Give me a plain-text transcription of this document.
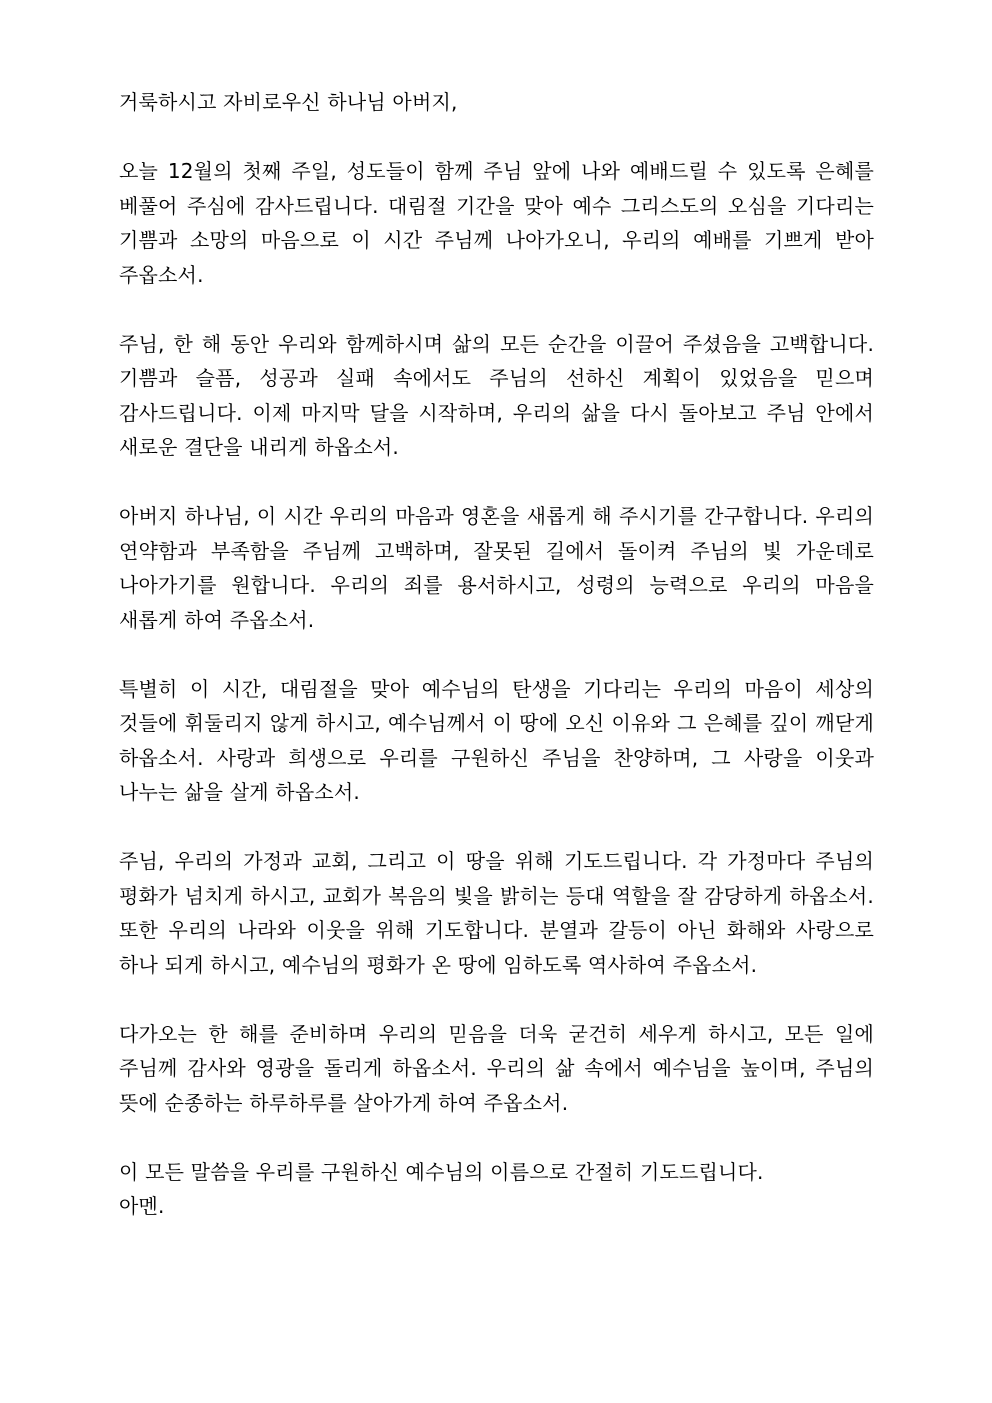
거룩하시고 자비로우신 하나님 아버지,

오늘 12월의 첫째 주일, 성도들이 함께 주님 앞에 나와 예배드릴 수 있도록 은혜를 베풀어 주심에 감사드립니다. 대림절 기간을 맞아 예수 그리스도의 오심을 기다리는 기쁨과 소망의 마음으로 이 시간 주님께 나아가오니, 우리의 예배를 기쁘게 받아 주옵소서.

주님, 한 해 동안 우리와 함께하시며 삶의 모든 순간을 이끌어 주셨음을 고백합니다. 기쁨과 슬픔, 성공과 실패 속에서도 주님의 선하신 계획이 있었음을 믿으며 감사드립니다. 이제 마지막 달을 시작하며, 우리의 삶을 다시 돌아보고 주님 안에서 새로운 결단을 내리게 하옵소서.

아버지 하나님, 이 시간 우리의 마음과 영혼을 새롭게 해 주시기를 간구합니다. 우리의 연약함과 부족함을 주님께 고백하며, 잘못된 길에서 돌이켜 주님의 빛 가운데로 나아가기를 원합니다. 우리의 죄를 용서하시고, 성령의 능력으로 우리의 마음을 새롭게 하여 주옵소서.

특별히 이 시간, 대림절을 맞아 예수님의 탄생을 기다리는 우리의 마음이 세상의 것들에 휘둘리지 않게 하시고, 예수님께서 이 땅에 오신 이유와 그 은혜를 깊이 깨닫게 하옵소서. 사랑과 희생으로 우리를 구원하신 주님을 찬양하며, 그 사랑을 이웃과 나누는 삶을 살게 하옵소서.

주님, 우리의 가정과 교회, 그리고 이 땅을 위해 기도드립니다. 각 가정마다 주님의 평화가 넘치게 하시고, 교회가 복음의 빛을 밝히는 등대 역할을 잘 감당하게 하옵소서. 또한 우리의 나라와 이웃을 위해 기도합니다. 분열과 갈등이 아닌 화해와 사랑으로 하나 되게 하시고, 예수님의 평화가 온 땅에 임하도록 역사하여 주옵소서.

다가오는 한 해를 준비하며 우리의 믿음을 더욱 굳건히 세우게 하시고, 모든 일에 주님께 감사와 영광을 돌리게 하옵소서. 우리의 삶 속에서 예수님을 높이며, 주님의 뜻에 순종하는 하루하루를 살아가게 하여 주옵소서.

이 모든 말씀을 우리를 구원하신 예수님의 이름으로 간절히 기도드립니다.

아멘.
